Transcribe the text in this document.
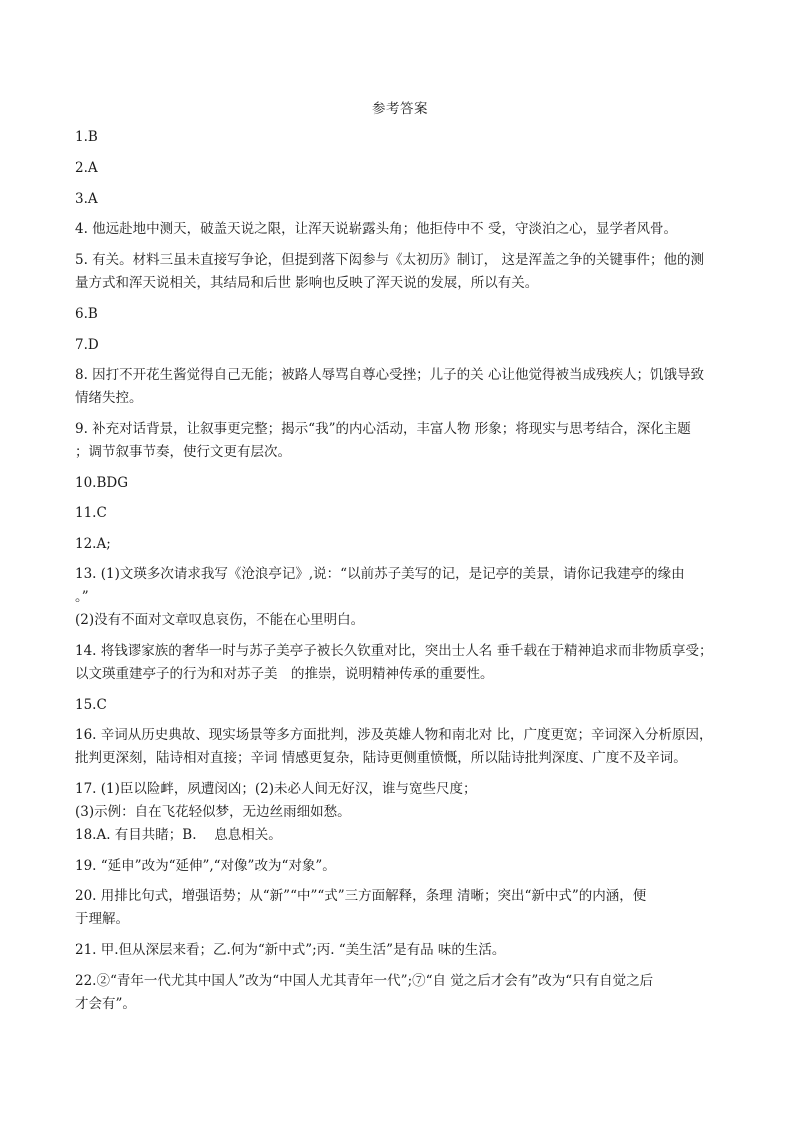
参考答案
1.B
2.A
3.A
4. 他远赴地中测天，破盖天说之限，让浑天说崭露头角；他拒侍中不 受，守淡泊之心，显学者风骨。
5. 有关。材料三虽未直接写争论，但提到落下闳参与《太初历》制订， 这是浑盖之争的关键事件；他的测
量方式和浑天说相关，其结局和后世 影响也反映了浑天说的发展，所以有关。
6.B
7.D
8. 因打不开花生酱觉得自己无能；被路人辱骂自尊心受挫；儿子的关 心让他觉得被当成残疾人；饥饿导致
情绪失控。
9. 补充对话背景，让叙事更完整；揭示“我”的内心活动，丰富人物 形象；将现实与思考结合，深化主题
；调节叙事节奏，使行文更有层次。
10.BDG
11.C
12.A;
13. (1)文瑛多次请求我写《沧浪亭记》,说：“以前苏子美写的记，是记亭的美景，请你记我建亭的缘由
。”
(2)没有不面对文章叹息哀伤，不能在心里明白。
14. 将钱谬家族的奢华一时与苏子美亭子被长久钦重对比，突出士人名 垂千载在于精神追求而非物质享受；
以文瑛重建亭子的行为和对苏子美　的推崇，说明精神传承的重要性。
15.C
16. 辛词从历史典故、现实场景等多方面批判，涉及英雄人物和南北对 比，广度更宽；辛词深入分析原因，
批判更深刻，陆诗相对直接；辛词 情感更复杂，陆诗更侧重愤慨，所以陆诗批判深度、广度不及辛词。
17. (1)臣以险衅，夙遭闵凶；(2)未必人间无好汉，谁与宽些尺度；
(3)示例：自在飞花轻似梦，无边丝雨细如愁。
18.A. 有目共睹；B.　 息息相关。
19. “延申”改为“延伸”,“对像”改为“对象”。
20. 用排比句式，增强语势；从“新”“中”“式”三方面解释，条理 清晰；突出“新中式”的内涵，便
于理解。
21. 甲.但从深层来看；乙.何为“新中式”;丙. “美生活”是有品 味的生活。
22.②“青年一代尤其中国人”改为“中国人尤其青年一代”;⑦“自 觉之后才会有”改为“只有自觉之后
才会有”。
